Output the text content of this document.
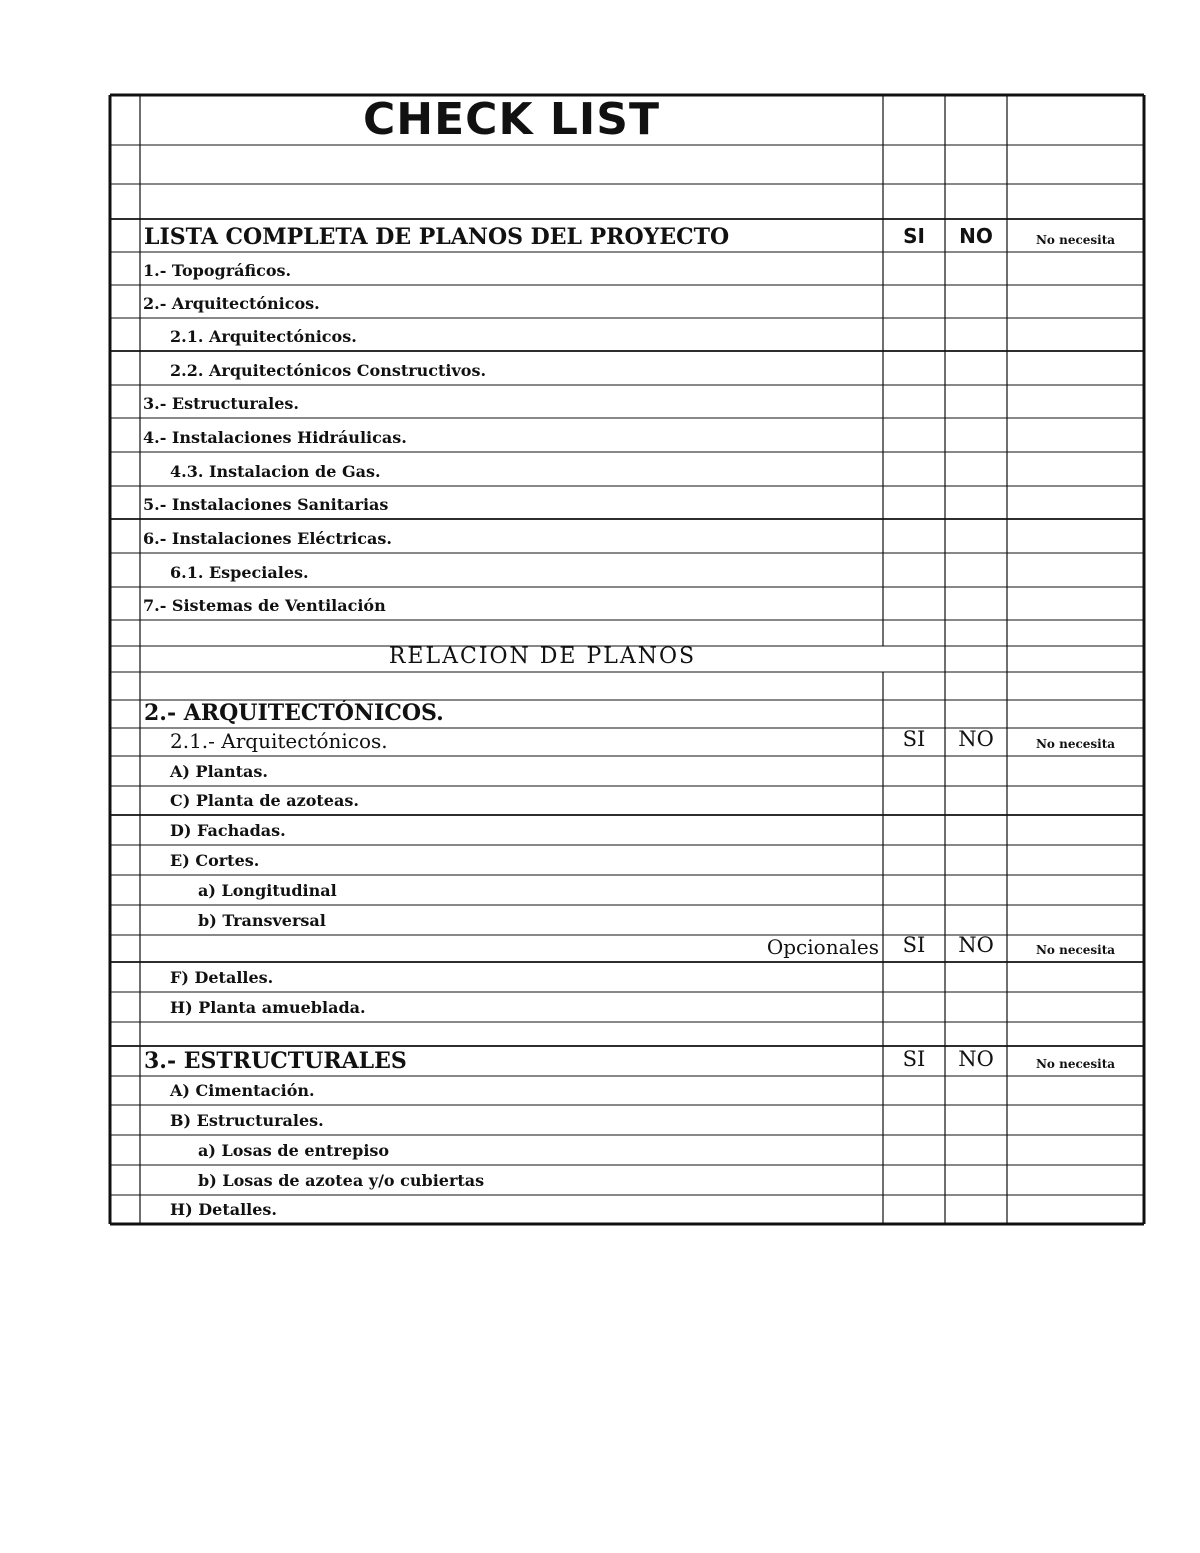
CHECK LIST
LISTA COMPLETA DE PLANOS DEL PROYECTO	SI	NO	No necesita
1.- Topográficos.
2.- Arquitectónicos.
2.1. Arquitectónicos.
2.2. Arquitectónicos Constructivos.
3.- Estructurales.
4.- Instalaciones Hidráulicas.
4.3. Instalacion de Gas.
5.- Instalaciones Sanitarias
6.- Instalaciones Eléctricas.
6.1. Especiales.
7.- Sistemas de Ventilación
RELACION DE PLANOS
2.- ARQUITECTÓNICOS.
2.1.- Arquitectónicos.	SI	NO	No necesita
A) Plantas.
C) Planta de azoteas.
D) Fachadas.
E) Cortes.
a) Longitudinal
b) Transversal
Opcionales	SI	NO	No necesita
F) Detalles.
H) Planta amueblada.
3.- ESTRUCTURALES	SI	NO	No necesita
A) Cimentación.
B) Estructurales.
a) Losas de entrepiso
b) Losas de azotea y/o cubiertas
H) Detalles.
